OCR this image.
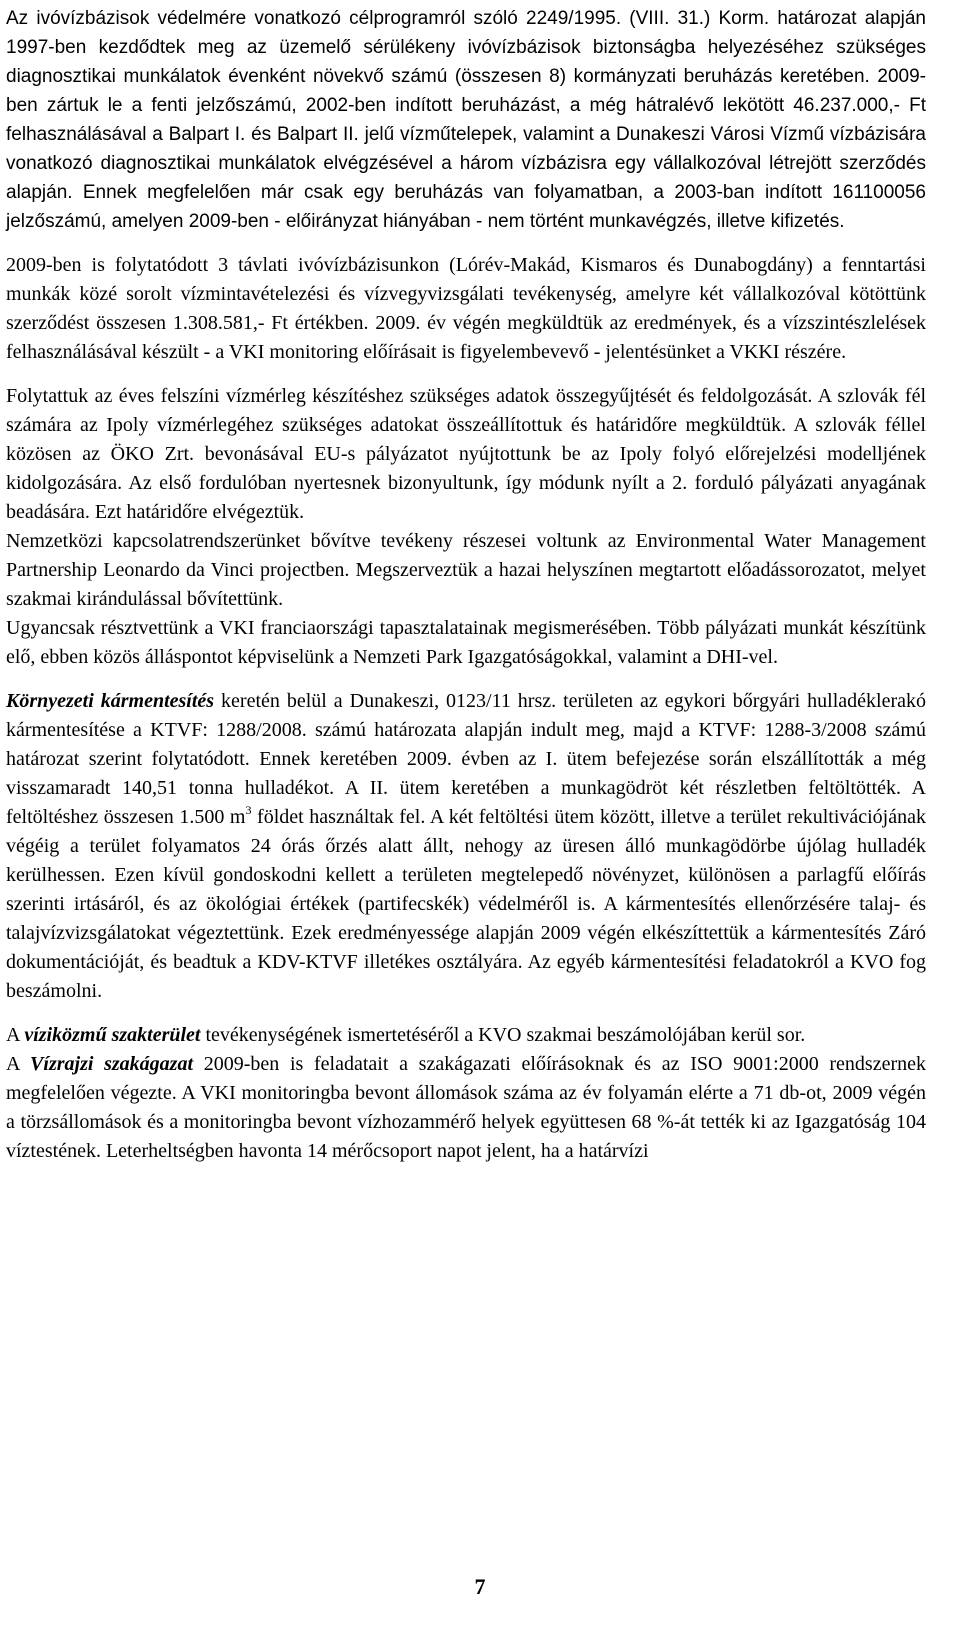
Az ivóvízbázisok védelmére vonatkozó célprogramról szóló 2249/1995. (VIII. 31.) Korm. határozat alapján 1997-ben kezdődtek meg az üzemelő sérülékeny ivóvízbázisok biztonságba helyezéséhez szükséges diagnosztikai munkálatok évenként növekvő számú (összesen 8) kormányzati beruházás keretében. 2009-ben zártuk le a fenti jelzőszámú, 2002-ben indított beruházást, a még hátralévő lekötött 46.237.000,- Ft felhasználásával a Balpart I. és Balpart II. jelű vízműtelepek, valamint a Dunakeszi Városi Vízmű vízbázisára vonatkozó diagnosztikai munkálatok elvégzésével a három vízbázisra egy vállalkozóval létrejött szerződés alapján. Ennek megfelelően már csak egy beruházás van folyamatban, a 2003-ban indított 161100056 jelzőszámú, amelyen 2009-ben - előirányzat hiányában - nem történt munkavégzés, illetve kifizetés.

2009-ben is folytatódott 3 távlati ivóvízbázisunkon (Lórév-Makád, Kismaros és Dunabogdány) a fenntartási munkák közé sorolt vízmintavételezési és vízvegyvizsgálati tevékenység, amelyre két vállalkozóval kötöttünk szerződést összesen 1.308.581,- Ft értékben. 2009. év végén megküldtük az eredmények, és a vízszintészlelések felhasználásával készült - a VKI monitoring előírásait is figyelembevevő - jelentésünket a VKKI részére.

Folytattuk az éves felszíni vízmérleg készítéshez szükséges adatok összegyűjtését és feldolgozását. A szlovák fél számára az Ipoly vízmérlegéhez szükséges adatokat összeállítottuk és határidőre megküldtük. A szlovák féllel közösen az ÖKO Zrt. bevonásával EU-s pályázatot nyújtottunk be az Ipoly folyó előrejelzési modelljének kidolgozására. Az első fordulóban nyertesnek bizonyultunk, így módunk nyílt a 2. forduló pályázati anyagának beadására. Ezt határidőre elvégeztük.

Nemzetközi kapcsolatrendszerünket bővítve tevékeny részesei voltunk az Environmental Water Management Partnership Leonardo da Vinci projectben. Megszerveztük a hazai helyszínen megtartott előadássorozatot, melyet szakmai kirándulással bővítettünk.

Ugyancsak résztvettünk a VKI franciaországi tapasztalatainak megismerésében. Több pályázati munkát készítünk elő, ebben közös álláspontot képviselünk a Nemzeti Park Igazgatóságokkal, valamint a DHI-vel.

Környezeti kármentesítés keretén belül a Dunakeszi, 0123/11 hrsz. területen az egykori bőrgyári hulladéklerakó kármentesítése a KTVF: 1288/2008. számú határozata alapján indult meg, majd a KTVF: 1288-3/2008 számú határozat szerint folytatódott. Ennek keretében 2009. évben az I. ütem befejezése során elszállították a még visszamaradt 140,51 tonna hulladékot. A II. ütem keretében a munkagödröt két részletben feltöltötték. A feltöltéshez összesen 1.500 $m^3$ földet használtak fel. A két feltöltési ütem között, illetve a terület rekultivációjának végéig a terület folyamatos 24 órás őrzés alatt állt, nehogy az üresen álló munkagödörbe újólag hulladék kerülhessen. Ezen kívül gondoskodni kellett a területen megtelepedő növényzet, különösen a parlagfű előírás szerinti irtásáról, és az ökológiai értékek (partifecskék) védelméről is. A kármentesítés ellenőrzésére talaj- és talajvízvizsgálatokat végeztettünk. Ezek eredményessége alapján 2009 végén elkészíttettük a kármentesítés Záró dokumentációját, és beadtuk a KDV-KTVF illetékes osztályára. Az egyéb kármentesítési feladatokról a KVO fog beszámolni.

A víziközmű szakterület tevékenységének ismertetéséről a KVO szakmai beszámolójában kerül sor.

A Vízrajzi szakágazat 2009-ben is feladatait a szakágazati előírásoknak és az ISO 9001:2000 rendszernek megfelelően végezte. A VKI monitoringba bevont állomások száma az év folyamán elérte a 71 db-ot, 2009 végén a törzsállomások és a monitoringba bevont vízhozammérő helyek együttesen 68 %-át tették ki az Igazgatóság 104 víztestének. Leterheltségben havonta 14 mérőcsoport napot jelent, ha a határvízi

7
